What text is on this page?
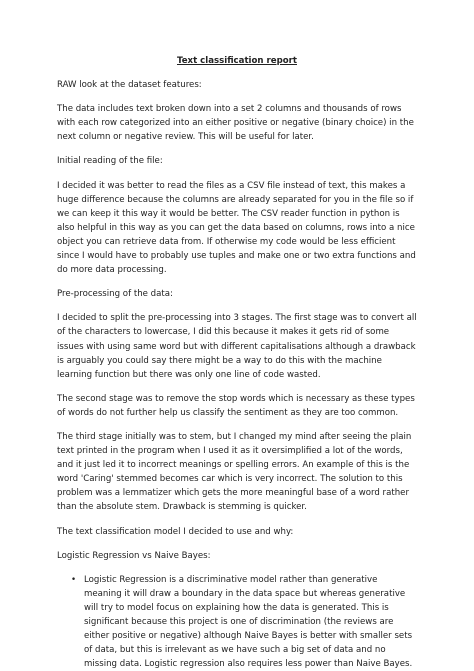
Text classification report

RAW look at the dataset features:

The data includes text broken down into a set 2 columns and thousands of rows with each row categorized into an either positive or negative (binary choice) in the next column or negative review. This will be useful for later.

Initial reading of the file:

I decided it was better to read the files as a CSV file instead of text, this makes a huge difference because the columns are already separated for you in the file so if we can keep it this way it would be better. The CSV reader function in python is also helpful in this way as you can get the data based on columns, rows into a nice object you can retrieve data from. If otherwise my code would be less efficient since I would have to probably use tuples and make one or two extra functions and do more data processing.

Pre-processing of the data:

I decided to split the pre-processing into 3 stages. The first stage was to convert all of the characters to lowercase, I did this because it makes it gets rid of some issues with using same word but with different capitalisations although a drawback is arguably you could say there might be a way to do this with the machine learning function but there was only one line of code wasted.

The second stage was to remove the stop words which is necessary as these types of words do not further help us classify the sentiment as they are too common.

The third stage initially was to stem, but I changed my mind after seeing the plain text printed in the program when I used it as it oversimplified a lot of the words, and it just led it to incorrect meanings or spelling errors. An example of this is the word 'Caring' stemmed becomes car which is very incorrect. The solution to this problem was a lemmatizer which gets the more meaningful base of a word rather than the absolute stem. Drawback is stemming is quicker.

The text classification model I decided to use and why:

Logistic Regression vs Naive Bayes:

• Logistic Regression is a discriminative model rather than generative meaning it will draw a boundary in the data space but whereas generative will try to model focus on explaining how the data is generated. This is significant because this project is one of discrimination (the reviews are either positive or negative) although Naive Bayes is better with smaller sets of data, but this is irrelevant as we have such a big set of data and no missing data. Logistic regression also requires less power than Naive Bayes.
